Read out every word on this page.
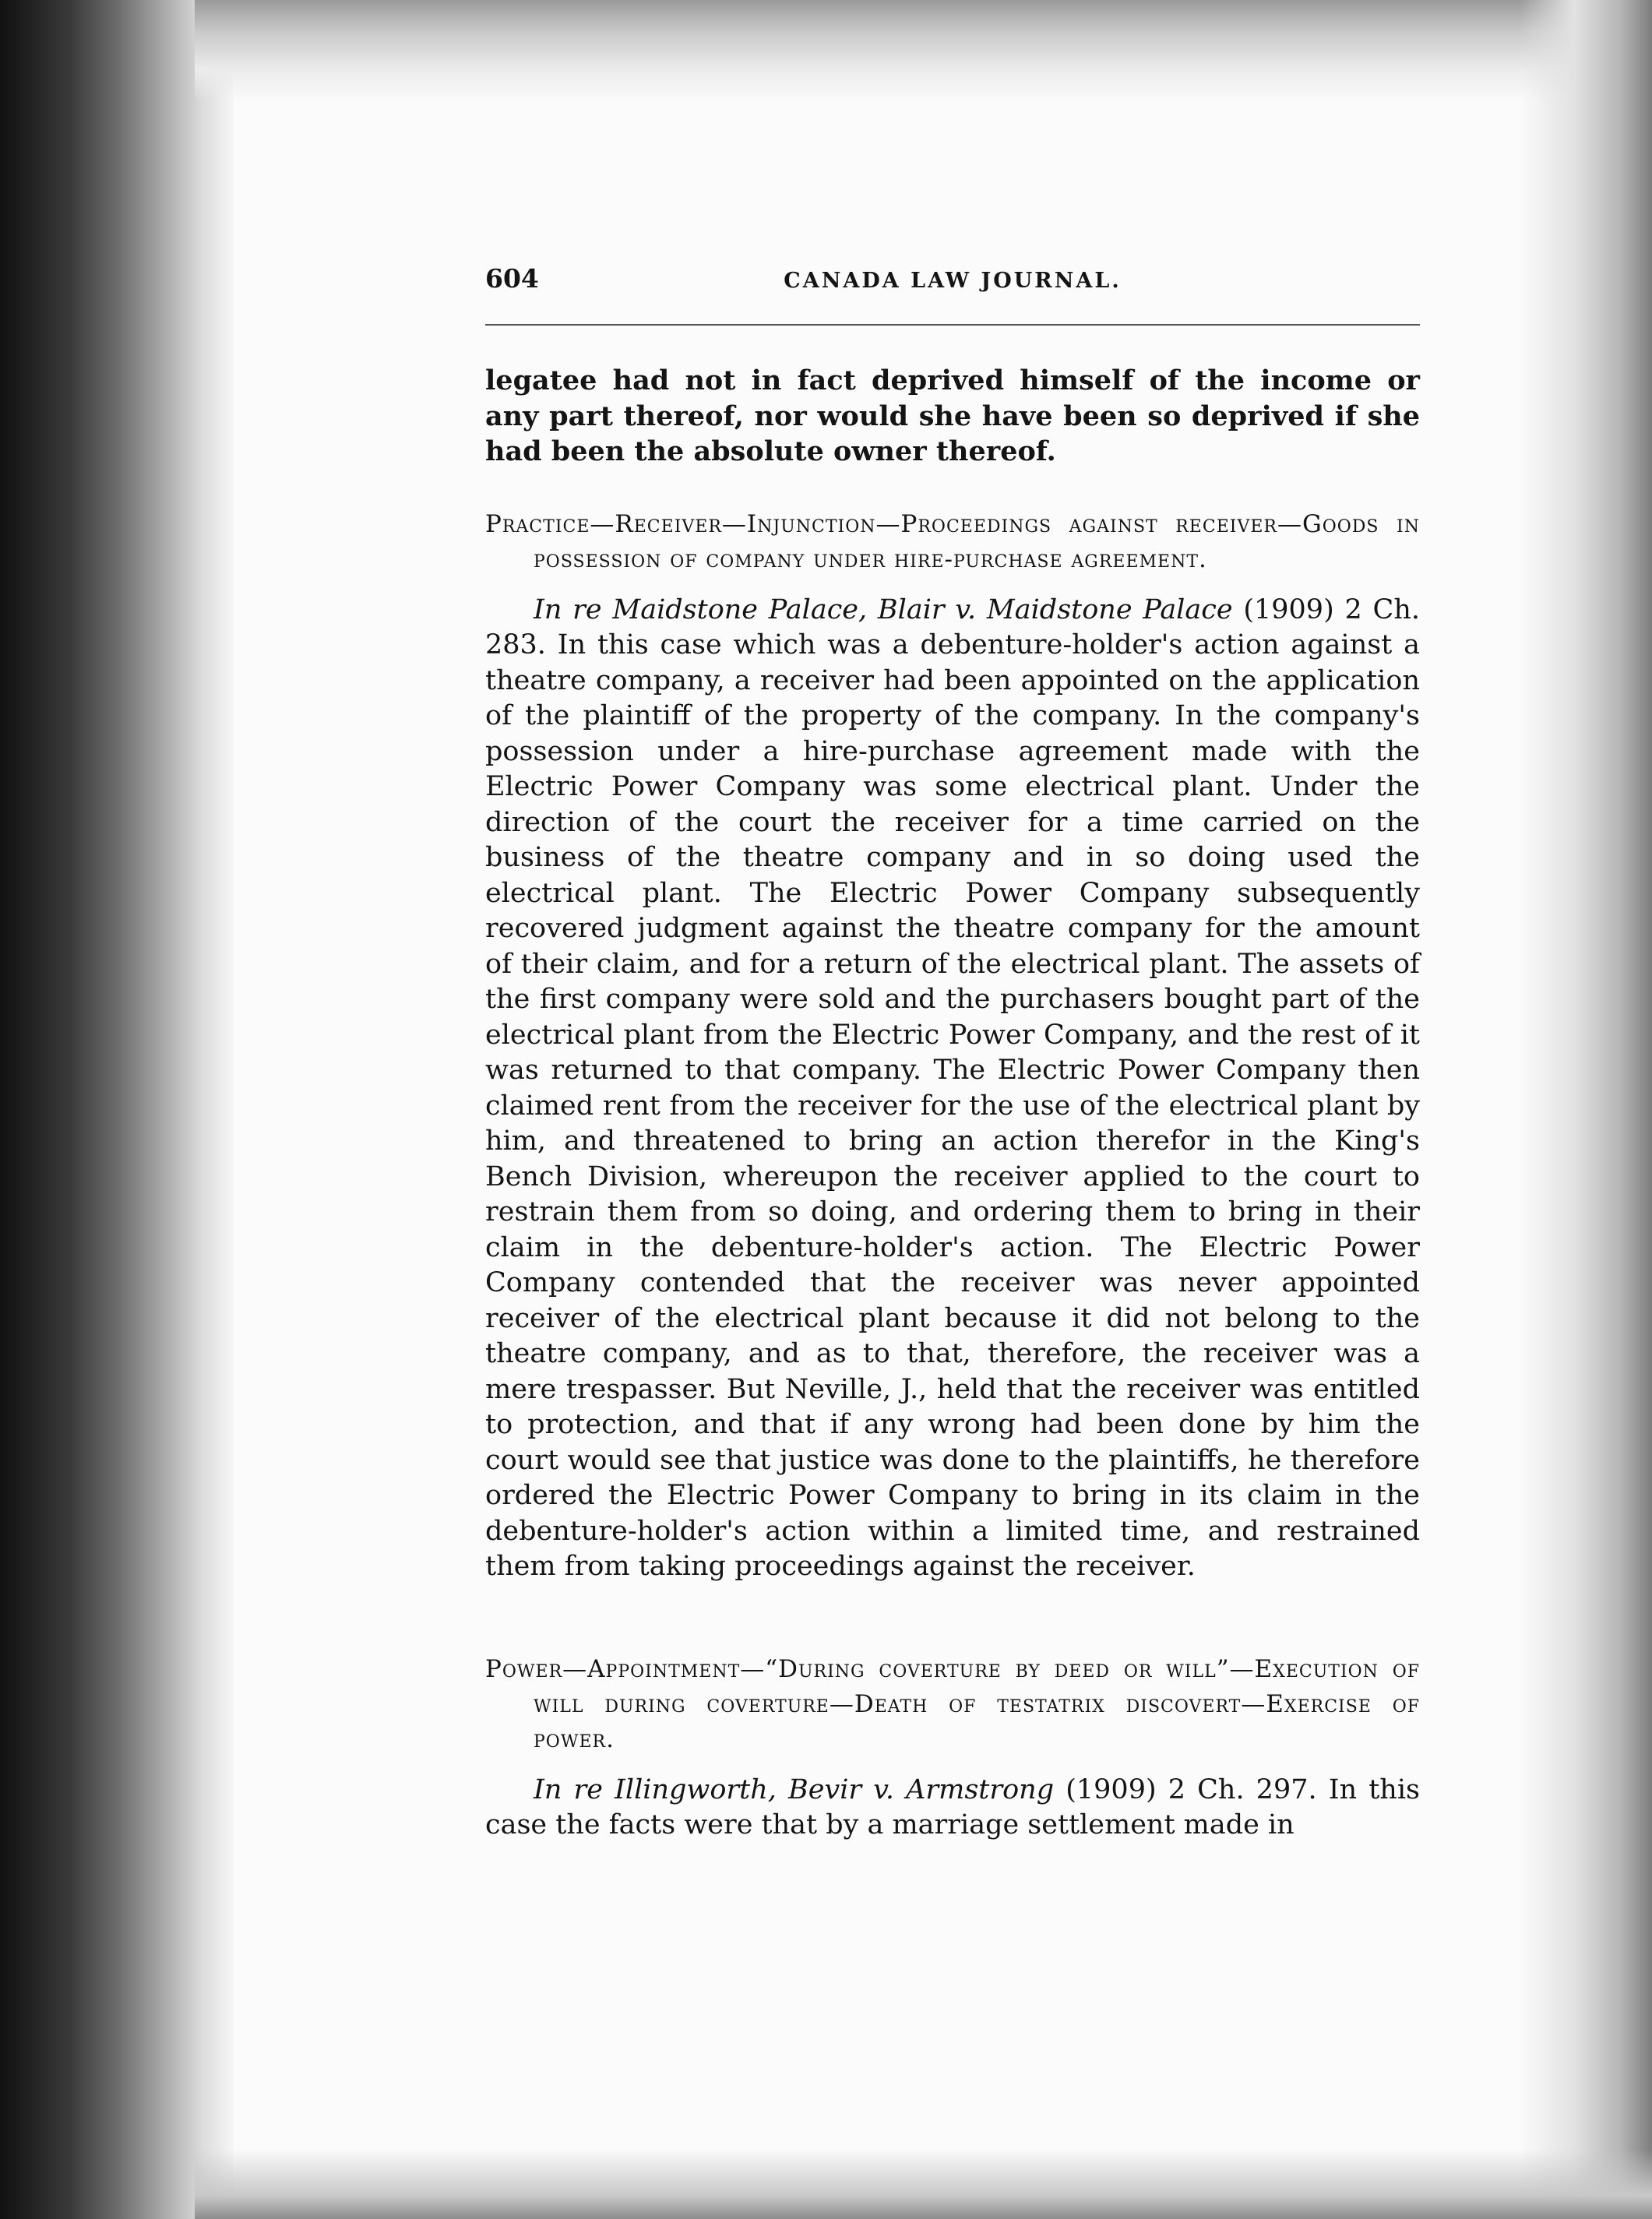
604	CANADA LAW JOURNAL.

legatee had not in fact deprived himself of the income or any part thereof, nor would she have been so deprived if she had been the absolute owner thereof.

Practice—Receiver—Injunction—Proceedings against receiver—Goods in possession of company under hire-purchase agreement.

In re Maidstone Palace, Blair v. Maidstone Palace (1909) 2 Ch. 283. In this case which was a debenture-holder's action against a theatre company, a receiver had been appointed on the application of the plaintiff of the property of the company. In the company's possession under a hire-purchase agreement made with the Electric Power Company was some electrical plant. Under the direction of the court the receiver for a time carried on the business of the theatre company and in so doing used the electrical plant. The Electric Power Company subsequently recovered judgment against the theatre company for the amount of their claim, and for a return of the electrical plant. The assets of the first company were sold and the purchasers bought part of the electrical plant from the Electric Power Company, and the rest of it was returned to that company. The Electric Power Company then claimed rent from the receiver for the use of the electrical plant by him, and threatened to bring an action therefor in the King's Bench Division, whereupon the receiver applied to the court to restrain them from so doing, and ordering them to bring in their claim in the debenture-holder's action. The Electric Power Company contended that the receiver was never appointed receiver of the electrical plant because it did not belong to the theatre company, and as to that, therefore, the receiver was a mere trespasser. But Neville, J., held that the receiver was entitled to protection, and that if any wrong had been done by him the court would see that justice was done to the plaintiffs, he therefore ordered the Electric Power Company to bring in its claim in the debenture-holder's action within a limited time, and restrained them from taking proceedings against the receiver.

Power—Appointment—“During coverture by deed or will”—Execution of will during coverture—Death of testatrix discovert—Exercise of power.

In re Illingworth, Bevir v. Armstrong (1909) 2 Ch. 297. In this case the facts were that by a marriage settlement made in
